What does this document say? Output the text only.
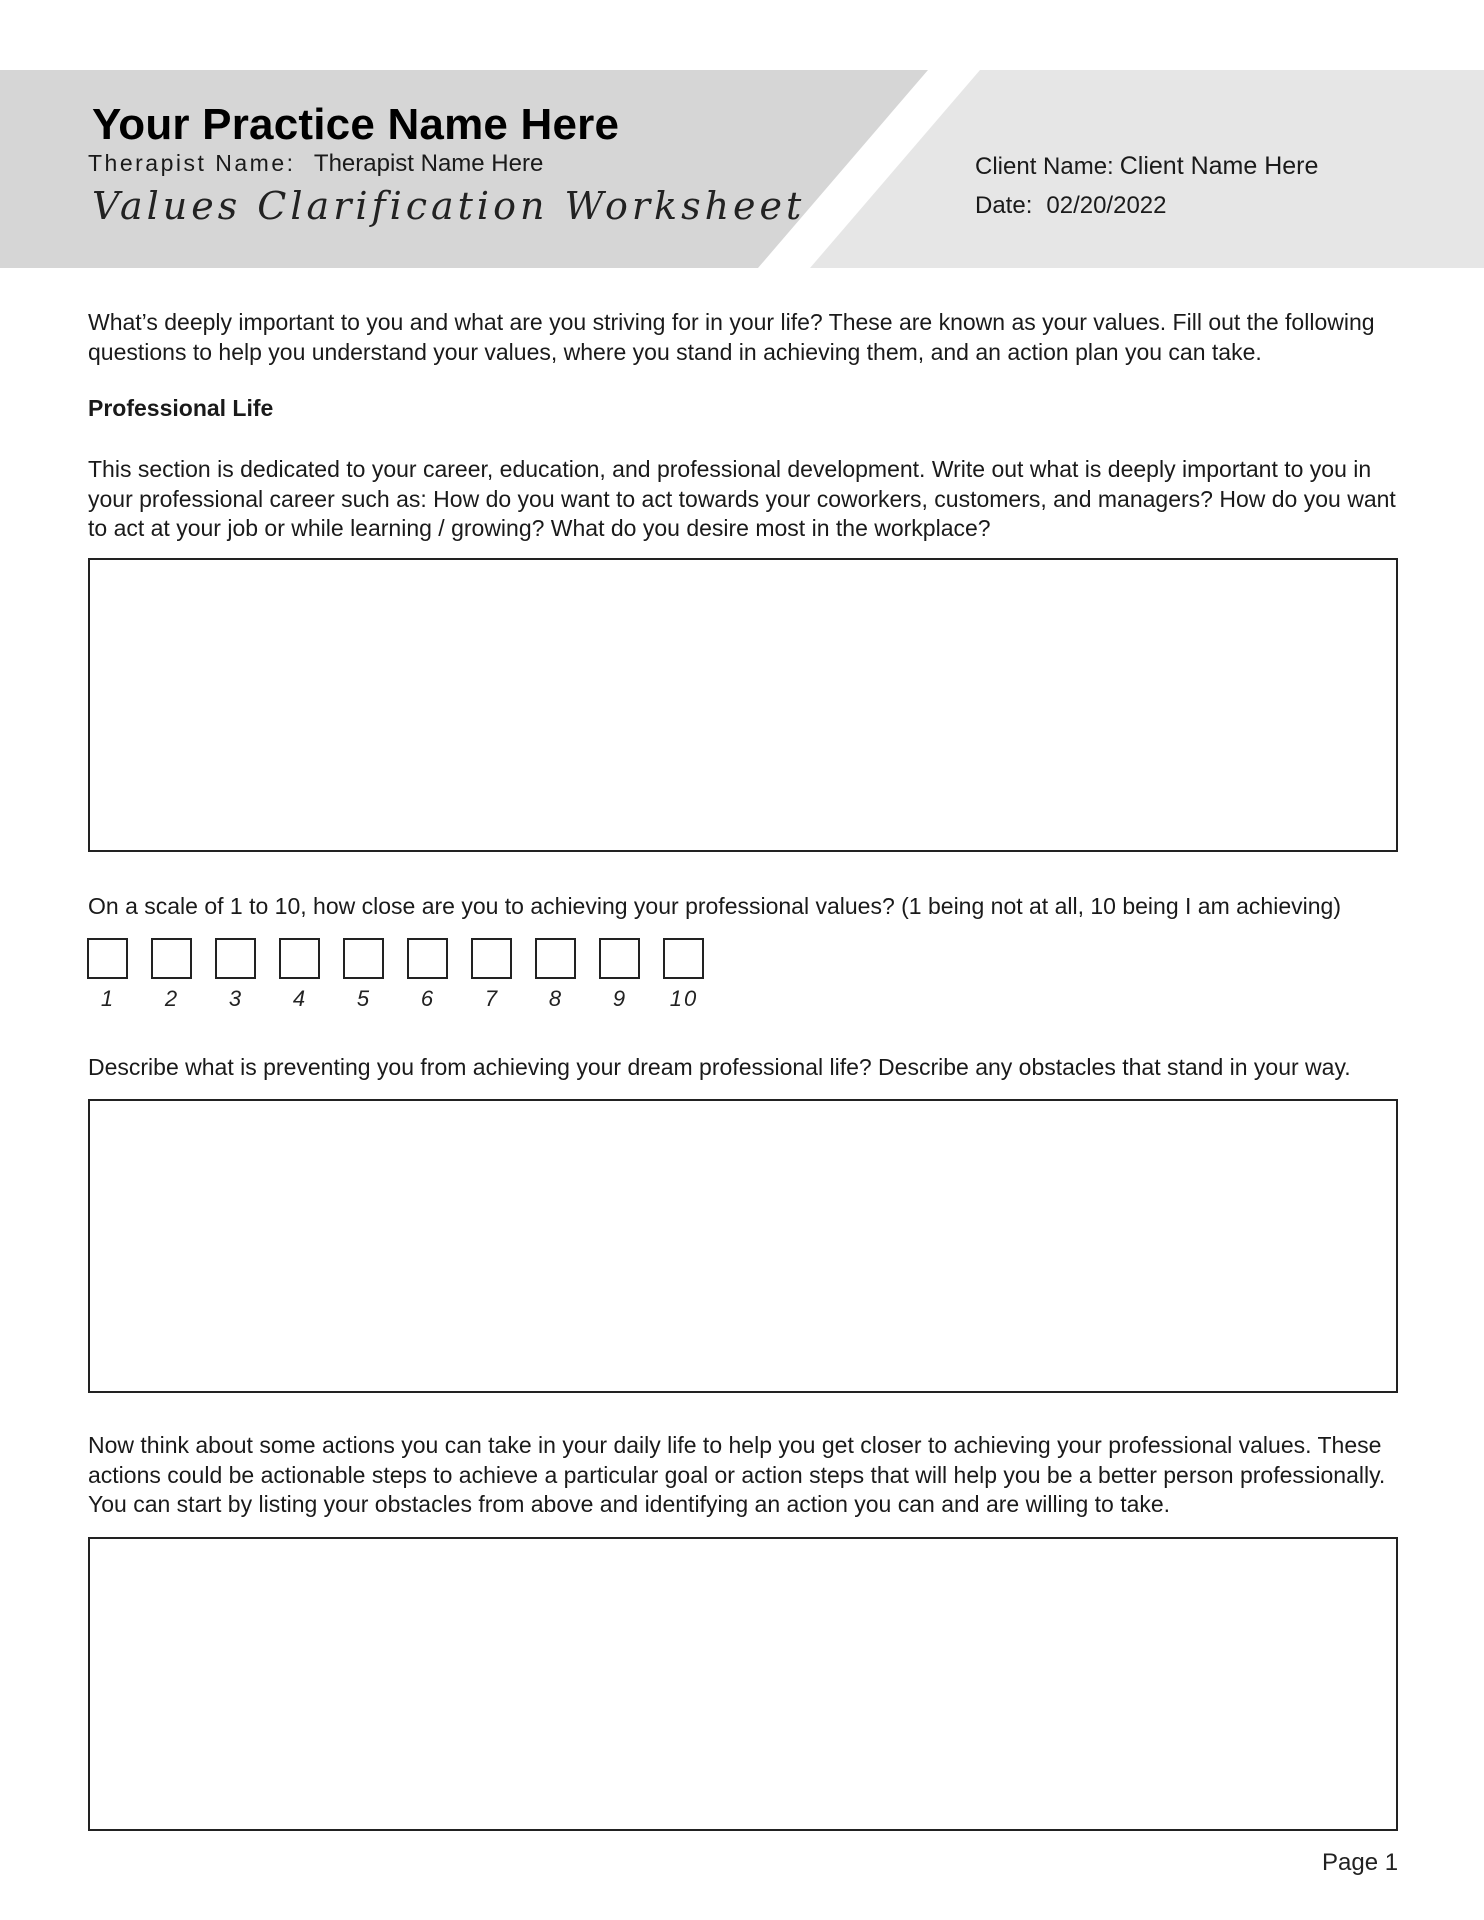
Your Practice Name Here
Therapist Name: Therapist Name Here
Values Clarification Worksheet
Client Name: Client Name Here
Date: 02/20/2022

What’s deeply important to you and what are you striving for in your life? These are known as your values. Fill out the following questions to help you understand your values, where you stand in achieving them, and an action plan you can take.

Professional Life

This section is dedicated to your career, education, and professional development. Write out what is deeply important to you in your professional career such as: How do you want to act towards your coworkers, customers, and managers? How do you want to act at your job or while learning / growing? What do you desire most in the workplace?

On a scale of 1 to 10, how close are you to achieving your professional values? (1 being not at all, 10 being I am achieving)

1	2	3	4	5	6	7	8	9	10

Describe what is preventing you from achieving your dream professional life? Describe any obstacles that stand in your way.

Now think about some actions you can take in your daily life to help you get closer to achieving your professional values. These actions could be actionable steps to achieve a particular goal or action steps that will help you be a better person professionally. You can start by listing your obstacles from above and identifying an action you can and are willing to take.

Page 1
